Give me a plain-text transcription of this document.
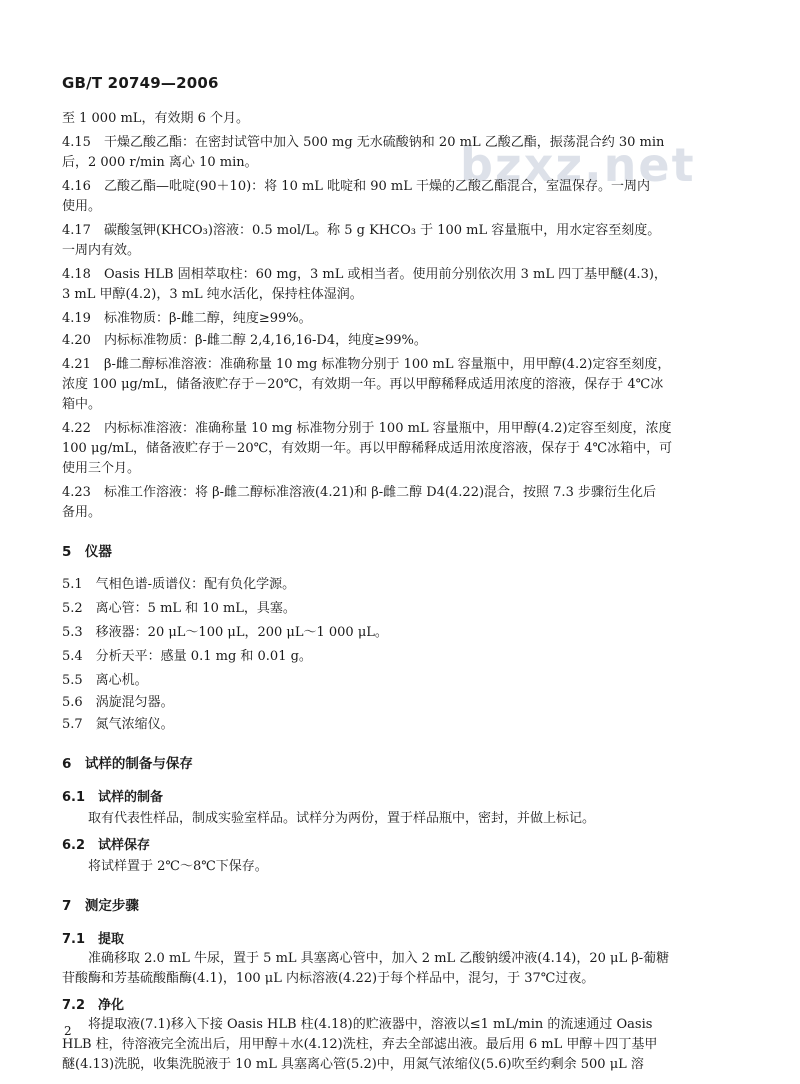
GB/T 20749—2006
bzxz.net
至 1 000 mL，有效期 6 个月。
4.15　干燥乙酸乙酯：在密封试管中加入 500 mg 无水硫酸钠和 20 mL 乙酸乙酯，振荡混合约 30 min
后，2 000 r/min 离心 10 min。
4.16　乙酸乙酯—吡啶(90＋10)：将 10 mL 吡啶和 90 mL 干燥的乙酸乙酯混合，室温保存。一周内
使用。
4.17　碳酸氢钾(KHCO₃)溶液：0.5 mol/L。称 5 g KHCO₃ 于 100 mL 容量瓶中，用水定容至刻度。
一周内有效。
4.18　Oasis HLB 固相萃取柱：60 mg，3 mL 或相当者。使用前分别依次用 3 mL 四丁基甲醚(4.3)，
3 mL 甲醇(4.2)，3 mL 纯水活化，保持柱体湿润。
4.19　标准物质：β-雌二醇，纯度≥99%。
4.20　内标标准物质：β-雌二醇 2,4,16,16-D4，纯度≥99%。
4.21　β-雌二醇标准溶液：准确称量 10 mg 标准物分别于 100 mL 容量瓶中，用甲醇(4.2)定容至刻度，
浓度 100 μg/mL，储备液贮存于－20℃，有效期一年。再以甲醇稀释成适用浓度的溶液，保存于 4℃冰
箱中。
4.22　内标标准溶液：准确称量 10 mg 标准物分别于 100 mL 容量瓶中，用甲醇(4.2)定容至刻度，浓度
100 μg/mL，储备液贮存于－20℃，有效期一年。再以甲醇稀释成适用浓度溶液，保存于 4℃冰箱中，可
使用三个月。
4.23　标准工作溶液：将 β-雌二醇标准溶液(4.21)和 β-雌二醇 D4(4.22)混合，按照 7.3 步骤衍生化后
备用。
5　仪器
5.1　气相色谱-质谱仪：配有负化学源。
5.2　离心管：5 mL 和 10 mL，具塞。
5.3　移液器：20 μL～100 μL，200 μL～1 000 μL。
5.4　分析天平：感量 0.1 mg 和 0.01 g。
5.5　离心机。
5.6　涡旋混匀器。
5.7　氮气浓缩仪。
6　试样的制备与保存
6.1　试样的制备
取有代表性样品，制成实验室样品。试样分为两份，置于样品瓶中，密封，并做上标记。
6.2　试样保存
将试样置于 2℃～8℃下保存。
7　测定步骤
7.1　提取
准确移取 2.0 mL 牛尿，置于 5 mL 具塞离心管中，加入 2 mL 乙酸钠缓冲液(4.14)，20 μL β-葡糖
苷酸酶和芳基硫酸酯酶(4.1)，100 μL 内标溶液(4.22)于每个样品中，混匀，于 37℃过夜。
7.2　净化
将提取液(7.1)移入下接 Oasis HLB 柱(4.18)的贮液器中，溶液以≤1 mL/min 的流速通过 Oasis
HLB 柱，待溶液完全流出后，用甲醇＋水(4.12)洗柱，弃去全部滤出液。最后用 6 mL 甲醇＋四丁基甲
醚(4.13)洗脱，收集洗脱液于 10 mL 具塞离心管(5.2)中，用氮气浓缩仪(5.6)吹至约剩余 500 μL 溶
2
